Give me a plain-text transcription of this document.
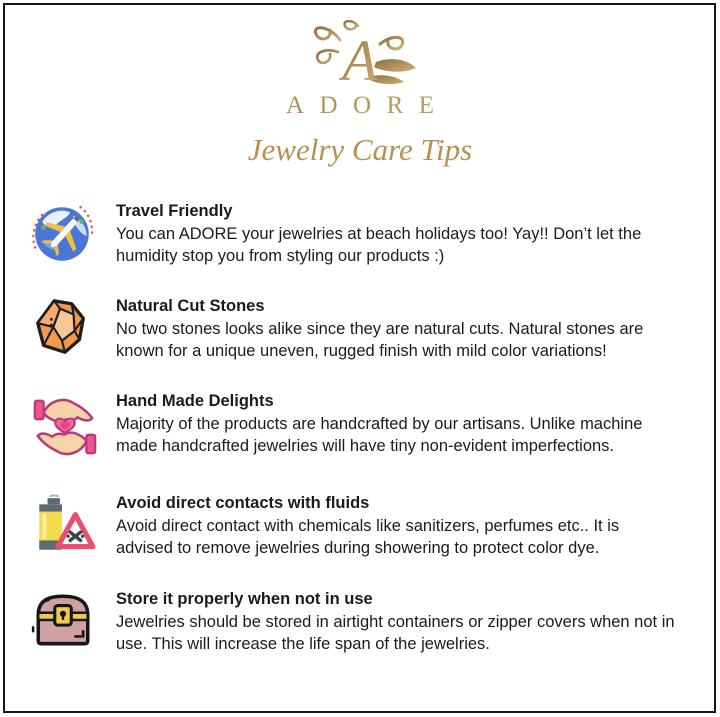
A
ADORE
Jewelry Care Tips
Travel Friendly
You can ADORE your jewelries at beach holidays too! Yay!! Don’t let the humidity stop you from styling our products :)
Natural Cut Stones
No two stones looks alike since they are natural cuts. Natural stones are known for a unique uneven, rugged finish with mild color variations!
Hand Made Delights
Majority of the products are handcrafted by our artisans. Unlike machine made handcrafted jewelries will have tiny non-evident imperfections.
Avoid direct contacts with fluids
Avoid direct contact with chemicals like sanitizers, perfumes etc.. It is advised to remove jewelries during showering to protect color dye.
Store it properly when not in use
Jewelries should be stored in airtight containers or zipper covers when not in use. This will increase the life span of the jewelries.
